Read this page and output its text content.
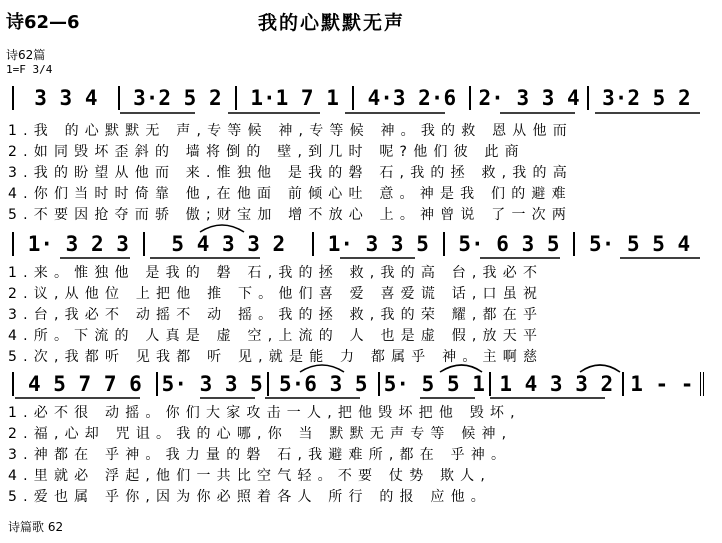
诗62—6	我的心默默无声
诗62篇
1=F 3/4
3 3 4 3·2 5 2 1·1 7 1 4·3 2·6 2· 3 3 4 3·2 5 2
1.我 的心默默无 声,专等候 神,专等候 神。我的救 恩从他而
2.如同毁坏歪斜的 墙将倒的 壁,到几时 呢?他们彼 此商
3.我的盼望从他而 来.惟独他 是我的磐 石,我的拯 救,我的高
4.你们当时时倚靠 他,在他面 前倾心吐 意。神是我 们的避难
5.不要因抢夺而骄 傲;财宝加 增不放心 上。神曾说 了一次两
1· 3 2 3 5 4 3 3 2 1· 3 3 5 5· 6 3 5 5· 5 5 4
1.来。惟独他 是我的 磐 石,我的拯 救,我的高 台,我必不
2.议,从他位 上把他 推 下。他们喜 爱 喜爱谎 话,口虽祝
3.台,我必不 动摇不 动 摇。我的拯 救,我的荣 耀,都在乎
4.所。下流的 人真是 虚 空,上流的 人 也是虚 假,放天平
5.次,我都听 见我都 听 见,就是能 力 都属乎 神。主啊慈
4 5 7 7 6 5· 3 3 5 5·6 3 5 5· 5 5 1 1 4 3 3 2 1 - -
1.必不很 动摇。你们大家攻击一人,把他毁坏把他 毁坏,
2.福,心却 咒诅。我的心哪,你 当 默默无声专等 候神,
3.神都在 乎神。我力量的磐 石,我避难所,都在 乎神。
4.里就必 浮起,他们一共比空气轻。不要 仗势 欺人,
5.爱也属 乎你,因为你必照着各人 所行 的报 应他。
诗篇歌 62
